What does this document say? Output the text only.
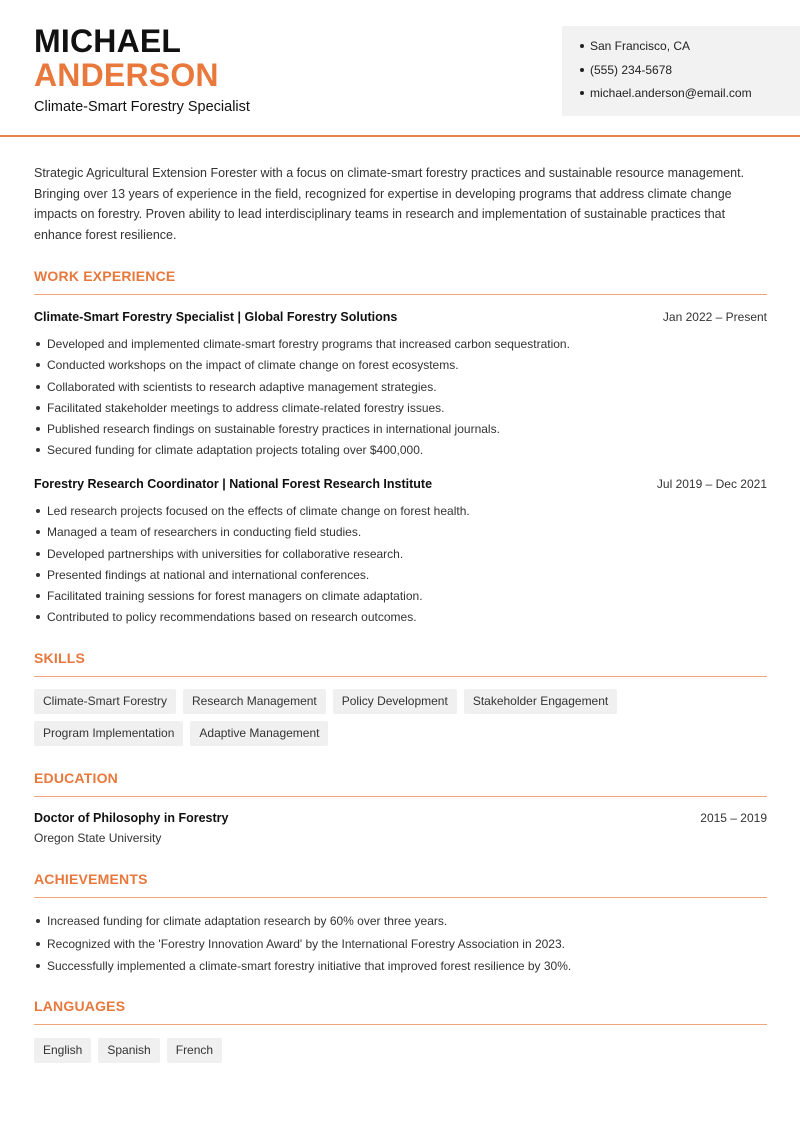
MICHAEL
ANDERSON
Climate-Smart Forestry Specialist
San Francisco, CA
(555) 234-5678
michael.anderson@email.com

Strategic Agricultural Extension Forester with a focus on climate-smart forestry practices and sustainable resource management. Bringing over 13 years of experience in the field, recognized for expertise in developing programs that address climate change impacts on forestry. Proven ability to lead interdisciplinary teams in research and implementation of sustainable practices that enhance forest resilience.

WORK EXPERIENCE
Climate-Smart Forestry Specialist | Global Forestry Solutions	Jan 2022 – Present
Developed and implemented climate-smart forestry programs that increased carbon sequestration.
Conducted workshops on the impact of climate change on forest ecosystems.
Collaborated with scientists to research adaptive management strategies.
Facilitated stakeholder meetings to address climate-related forestry issues.
Published research findings on sustainable forestry practices in international journals.
Secured funding for climate adaptation projects totaling over $400,000.
Forestry Research Coordinator | National Forest Research Institute	Jul 2019 – Dec 2021
Led research projects focused on the effects of climate change on forest health.
Managed a team of researchers in conducting field studies.
Developed partnerships with universities for collaborative research.
Presented findings at national and international conferences.
Facilitated training sessions for forest managers on climate adaptation.
Contributed to policy recommendations based on research outcomes.
SKILLS
Climate-Smart Forestry	Research Management	Policy Development	Stakeholder Engagement
Program Implementation	Adaptive Management
EDUCATION
Doctor of Philosophy in Forestry	2015 – 2019
Oregon State University
ACHIEVEMENTS
Increased funding for climate adaptation research by 60% over three years.
Recognized with the 'Forestry Innovation Award' by the International Forestry Association in 2023.
Successfully implemented a climate-smart forestry initiative that improved forest resilience by 30%.
LANGUAGES
English	Spanish	French
